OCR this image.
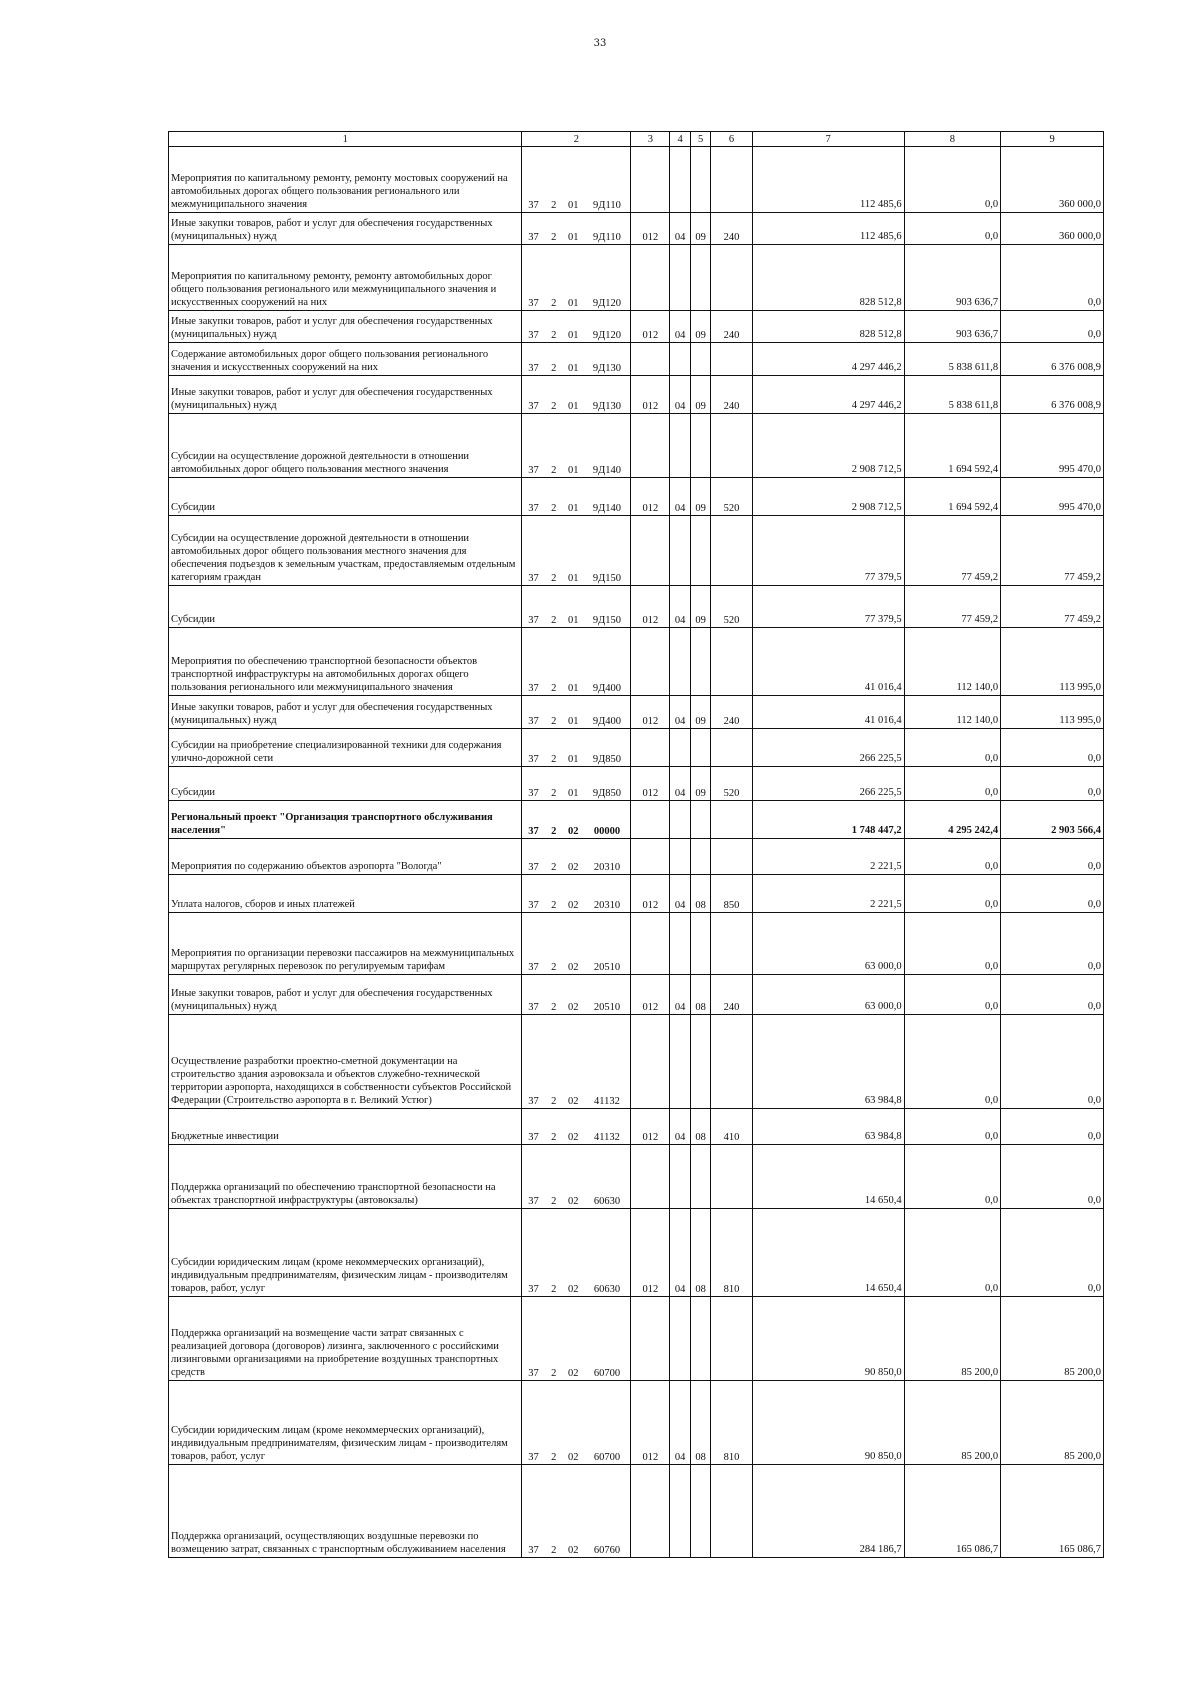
33
1	2				3	4	5	6	7	8	9
Мероприятия по капитальному ремонту, ремонту мостовых сооружений на автомобильных дорогах общего пользования регионального или межмуниципального значения	37	2	01	9Д110					112 485,6	0,0	360 000,0
Иные закупки товаров, работ и услуг для обеспечения государственных (муниципальных) нужд	37	2	01	9Д110	012	04	09	240	112 485,6	0,0	360 000,0
Мероприятия по капитальному ремонту, ремонту автомобильных дорог общего пользования регионального или межмуниципального значения и искусственных сооружений на них	37	2	01	9Д120					828 512,8	903 636,7	0,0
Иные закупки товаров, работ и услуг для обеспечения государственных (муниципальных) нужд	37	2	01	9Д120	012	04	09	240	828 512,8	903 636,7	0,0
Содержание автомобильных дорог общего пользования регионального значения и искусственных сооружений на них	37	2	01	9Д130					4 297 446,2	5 838 611,8	6 376 008,9
Иные закупки товаров, работ и услуг для обеспечения государственных (муниципальных) нужд	37	2	01	9Д130	012	04	09	240	4 297 446,2	5 838 611,8	6 376 008,9
Субсидии на осуществление дорожной деятельности в отношении автомобильных дорог общего пользования местного значения	37	2	01	9Д140					2 908 712,5	1 694 592,4	995 470,0
Субсидии	37	2	01	9Д140	012	04	09	520	2 908 712,5	1 694 592,4	995 470,0
Субсидии на осуществление дорожной деятельности в отношении автомобильных дорог общего пользования местного значения для обеспечения подъездов к земельным участкам, предоставляемым отдельным категориям граждан	37	2	01	9Д150					77 379,5	77 459,2	77 459,2
Субсидии	37	2	01	9Д150	012	04	09	520	77 379,5	77 459,2	77 459,2
Мероприятия по обеспечению транспортной безопасности объектов транспортной инфраструктуры на автомобильных дорогах общего пользования регионального или межмуниципального значения	37	2	01	9Д400					41 016,4	112 140,0	113 995,0
Иные закупки товаров, работ и услуг для обеспечения государственных (муниципальных) нужд	37	2	01	9Д400	012	04	09	240	41 016,4	112 140,0	113 995,0
Субсидии на приобретение специализированной техники для содержания улично-дорожной сети	37	2	01	9Д850					266 225,5	0,0	0,0
Субсидии	37	2	01	9Д850	012	04	09	520	266 225,5	0,0	0,0
Региональный проект "Организация транспортного обслуживания населения"	37	2	02	00000					1 748 447,2	4 295 242,4	2 903 566,4
Мероприятия по содержанию объектов аэропорта "Вологда"	37	2	02	20310					2 221,5	0,0	0,0
Уплата налогов, сборов и иных платежей	37	2	02	20310	012	04	08	850	2 221,5	0,0	0,0
Мероприятия по организации перевозки пассажиров на межмуниципальных маршрутах регулярных перевозок по регулируемым тарифам	37	2	02	20510					63 000,0	0,0	0,0
Иные закупки товаров, работ и услуг для обеспечения государственных (муниципальных) нужд	37	2	02	20510	012	04	08	240	63 000,0	0,0	0,0
Осуществление разработки проектно-сметной документации на строительство здания аэровокзала и объектов служебно-технической территории аэропорта, находящихся в собственности субъектов Российской Федерации (Строительство аэропорта в г. Великий Устюг)	37	2	02	41132					63 984,8	0,0	0,0
Бюджетные инвестиции	37	2	02	41132	012	04	08	410	63 984,8	0,0	0,0
Поддержка организаций по обеспечению транспортной безопасности на объектах транспортной инфраструктуры (автовокзалы)	37	2	02	60630					14 650,4	0,0	0,0
Субсидии юридическим лицам (кроме некоммерческих организаций), индивидуальным предпринимателям, физическим лицам - производителям товаров, работ, услуг	37	2	02	60630	012	04	08	810	14 650,4	0,0	0,0
Поддержка организаций на возмещение части затрат связанных с реализацией договора (договоров) лизинга, заключенного с российскими лизинговыми организациями на приобретение воздушных транспортных средств	37	2	02	60700					90 850,0	85 200,0	85 200,0
Субсидии юридическим лицам (кроме некоммерческих организаций), индивидуальным предпринимателям, физическим лицам - производителям товаров, работ, услуг	37	2	02	60700	012	04	08	810	90 850,0	85 200,0	85 200,0
Поддержка организаций, осуществляющих воздушные перевозки по возмещению затрат, связанных с транспортным обслуживанием населения	37	2	02	60760					284 186,7	165 086,7	165 086,7
